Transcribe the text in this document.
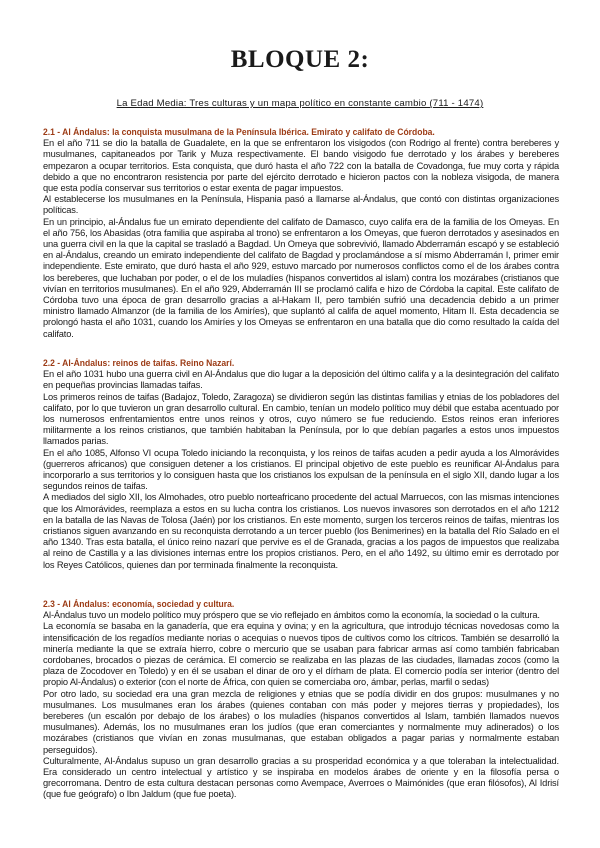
BLOQUE 2:

La Edad Media: Tres culturas y un mapa político en constante cambio (711 - 1474)

2.1 - Al Ándalus: la conquista musulmana de la Península Ibérica. Emirato y califato de Córdoba.

En el año 711 se dio la batalla de Guadalete, en la que se enfrentaron los visigodos (con Rodrigo al frente) contra bereberes y musulmanes, capitaneados por Tarik y Muza respectivamente. El bando visigodo fue derrotado y los árabes y bereberes empezaron a ocupar territorios. Esta conquista, que duró hasta el año 722 con la batalla de Covadonga, fue muy corta y rápida debido a que no encontraron resistencia por parte del ejército derrotado e hicieron pactos con la nobleza visigoda, de manera que esta podía conservar sus territorios o estar exenta de pagar impuestos.

Al establecerse los musulmanes en la Península, Hispania pasó a llamarse al-Ándalus, que contó con distintas organizaciones políticas.

En un principio, al-Ándalus fue un emirato dependiente del califato de Damasco, cuyo califa era de la familia de los Omeyas. En el año 756, los Abasidas (otra familia que aspiraba al trono) se enfrentaron a los Omeyas, que fueron derrotados y asesinados en una guerra civil en la que la capital se trasladó a Bagdad. Un Omeya que sobrevivió, llamado Abderramán escapó y se estableció en al-Ándalus, creando un emirato independiente del califato de Bagdad y proclamándose a sí mismo Abderramán I, primer emir independiente. Este emirato, que duró hasta el año 929, estuvo marcado por numerosos conflictos como el de los árabes contra los bereberes, que luchaban por poder, o el de los muladíes (hispanos convertidos al islam) contra los mozárabes (cristianos que vivían en territorios musulmanes). En el año 929, Abderramán III se proclamó califa e hizo de Córdoba la capital. Este califato de Córdoba tuvo una época de gran desarrollo gracias a al-Hakam II, pero también sufrió una decadencia debido a un primer ministro llamado Almanzor (de la familia de los Amiríes), que suplantó al califa de aquel momento, Hitam II. Esta decadencia se prolongó hasta el año 1031, cuando los Amiríes y los Omeyas se enfrentaron en una batalla que dio como resultado la caída del califato.

2.2 - Al-Ándalus: reinos de taifas. Reino Nazarí.

En el año 1031 hubo una guerra civil en Al-Ándalus que dio lugar a la deposición del último califa y a la desintegración del califato en pequeñas provincias llamadas taifas.

Los primeros reinos de taifas (Badajoz, Toledo, Zaragoza) se dividieron según las distintas familias y etnias de los pobladores del califato, por lo que tuvieron un gran desarrollo cultural. En cambio, tenían un modelo político muy débil que estaba acentuado por los numerosos enfrentamientos entre unos reinos y otros, cuyo número se fue reduciendo. Estos reinos eran inferiores militarmente a los reinos cristianos, que también habitaban la Península, por lo que debían pagarles a estos unos impuestos llamados parias.

En el año 1085, Alfonso VI ocupa Toledo iniciando la reconquista, y los reinos de taifas acuden a pedir ayuda a los Almorávides (guerreros africanos) que consiguen detener a los cristianos. El principal objetivo de este pueblo es reunificar Al-Ándalus para incorporarlo a sus territorios y lo consiguen hasta que los cristianos los expulsan de la península en el siglo XII, dando lugar a los segundos reinos de taifas.

A mediados del siglo XII, los Almohades, otro pueblo norteafricano procedente del actual Marruecos, con las mismas intenciones que los Almorávides, reemplaza a estos en su lucha contra los cristianos. Los nuevos invasores son derrotados en el año 1212 en la batalla de las Navas de Tolosa (Jaén) por los cristianos. En este momento, surgen los terceros reinos de taifas, mientras los cristianos siguen avanzando en su reconquista derrotando a un tercer pueblo (los Benimerines) en la batalla del Río Salado en el año 1340. Tras esta batalla, el único reino nazarí que pervive es el de Granada, gracias a los pagos de impuestos que realizaba al reino de Castilla y a las divisiones internas entre los propios cristianos. Pero, en el año 1492, su último emir es derrotado por los Reyes Católicos, quienes dan por terminada finalmente la reconquista.

2.3 - Al Ándalus: economía, sociedad y cultura.

Al-Ándalus tuvo un modelo político muy próspero que se vio reflejado en ámbitos como la economía, la sociedad o la cultura.

La economía se basaba en la ganadería, que era equina y ovina; y en la agricultura, que introdujo técnicas novedosas como la intensificación de los regadíos mediante norias o acequias o nuevos tipos de cultivos como los cítricos. También se desarrolló la minería mediante la que se extraía hierro, cobre o mercurio que se usaban para fabricar armas así como también fabricaban cordobanes, brocados o piezas de cerámica. El comercio se realizaba en las plazas de las ciudades, llamadas zocos (como la plaza de Zocodover en Toledo) y en él se usaban el dinar de oro y el dírham de plata. El comercio podía ser interior (dentro del propio Al-Ándalus) o exterior (con el norte de África, con quien se comerciaba oro, ámbar, perlas, marfil o sedas)

Por otro lado, su sociedad era una gran mezcla de religiones y etnias que se podía dividir en dos grupos: musulmanes y no musulmanes. Los musulmanes eran los árabes (quienes contaban con más poder y mejores tierras y propiedades), los bereberes (un escalón por debajo de los árabes) o los muladíes (hispanos convertidos al Islam, también llamados nuevos musulmanes). Además, los no musulmanes eran los judíos (que eran comerciantes y normalmente muy adinerados) o los mozárabes (cristianos que vivían en zonas musulmanas, que estaban obligados a pagar parias y normalmente estaban perseguidos).

Culturalmente, Al-Ándalus supuso un gran desarrollo gracias a su prosperidad económica y a que toleraban la intelectualidad. Era considerado un centro intelectual y artístico y se inspiraba en modelos árabes de oriente y en la filosofía persa o grecorromana. Dentro de esta cultura destacan personas como Avempace, Averroes o Maimónides (que eran filósofos), Al Idrisí (que fue geógrafo) o Ibn Jaldum (que fue poeta).
